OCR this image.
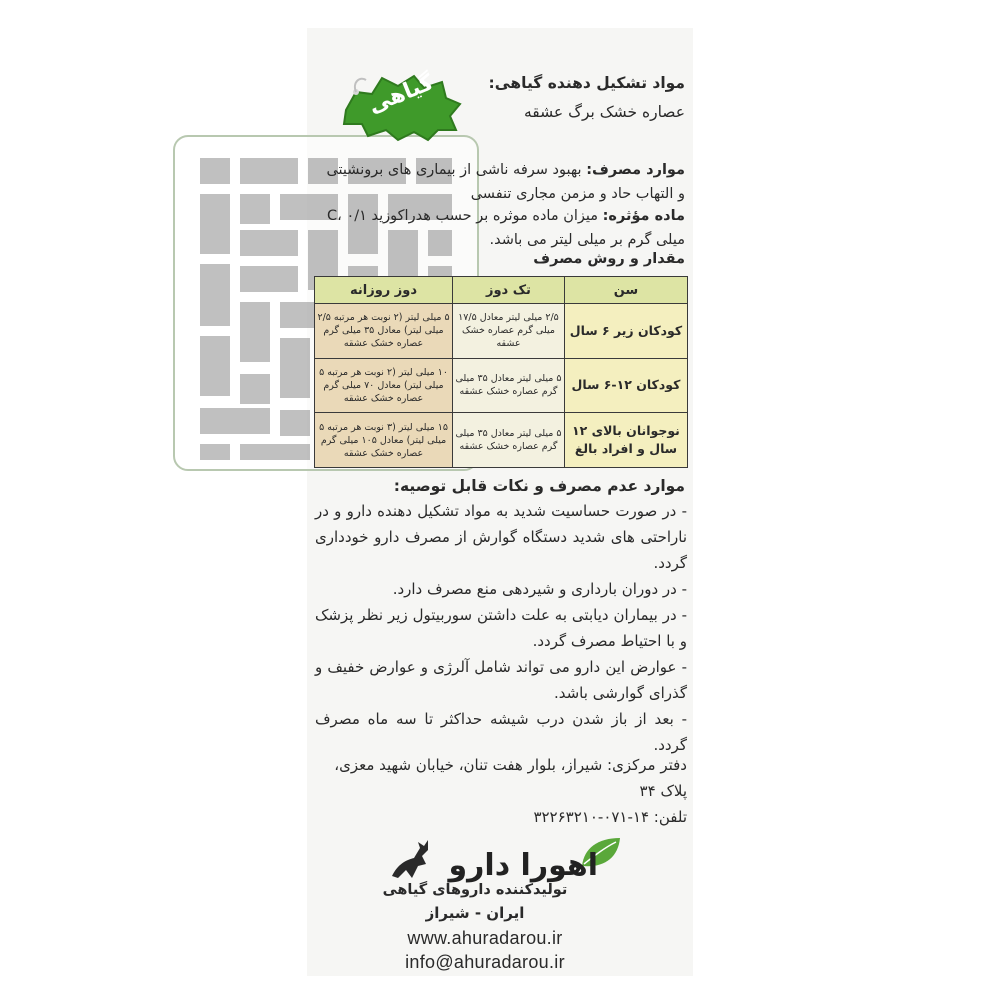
گیاهی	مواد تشکیل دهنده گیاهی:
عصاره خشک برگ عشقه
موارد مصرف: بهبود سرفه ناشی از بیماری های برونشیتی و التهاب حاد و مزمن مجاری تنفسی
ماده مؤثره: میزان ماده موثره بر حسب هدراکوزید C، ۰/۱ میلی گرم بر میلی لیتر می باشد.
مقدار و روش مصرف
سن	تک دوز	دوز روزانه
کودکان زیر ۶ سال	۲/۵ میلی لیتر معادل ۱۷/۵ میلی گرم عصاره خشک عشقه	۵ میلی لیتر (۲ نوبت هر مرتبه ۲/۵ میلی لیتر) معادل ۳۵ میلی گرم عصاره خشک عشقه
کودکان ۱۲-۶ سال	۵ میلی لیتر معادل ۳۵ میلی گرم عصاره خشک عشقه	۱۰ میلی لیتر (۲ نوبت هر مرتبه ۵ میلی لیتر) معادل ۷۰ میلی گرم عصاره خشک عشقه
نوجوانان بالای ۱۲ سال و افراد بالغ	۵ میلی لیتر معادل ۳۵ میلی گرم عصاره خشک عشقه	۱۵ میلی لیتر (۳ نوبت هر مرتبه ۵ میلی لیتر) معادل ۱۰۵ میلی گرم عصاره خشک عشقه
موارد عدم مصرف و نکات قابل توصیه:

- در صورت حساسیت شدید به مواد تشکیل دهنده دارو و در ناراحتی های شدید دستگاه گوارش از مصرف دارو خودداری گردد.

- در دوران بارداری و شیردهی منع مصرف دارد.

- در بیماران دیابتی به علت داشتن سوربیتول زیر نظر پزشک و با احتیاط مصرف گردد.

- عوارض این دارو می تواند شامل آلرژی و عوارض خفیف و گذرای گوارشی باشد.

- بعد از باز شدن درب شیشه حداکثر تا سه ماه مصرف گردد.

دفتر مرکزی: شیراز، بلوار هفت تنان، خیابان شهید معزی، پلاک ۳۴

تلفن: ۱۴-۰۷۱-۳۲۲۶۳۲۱۰

اهورا دارو
تولیدکننده داروهای گیاهی
ایران - شیراز
www.ahuradarou.ir
info@ahuradarou.ir
